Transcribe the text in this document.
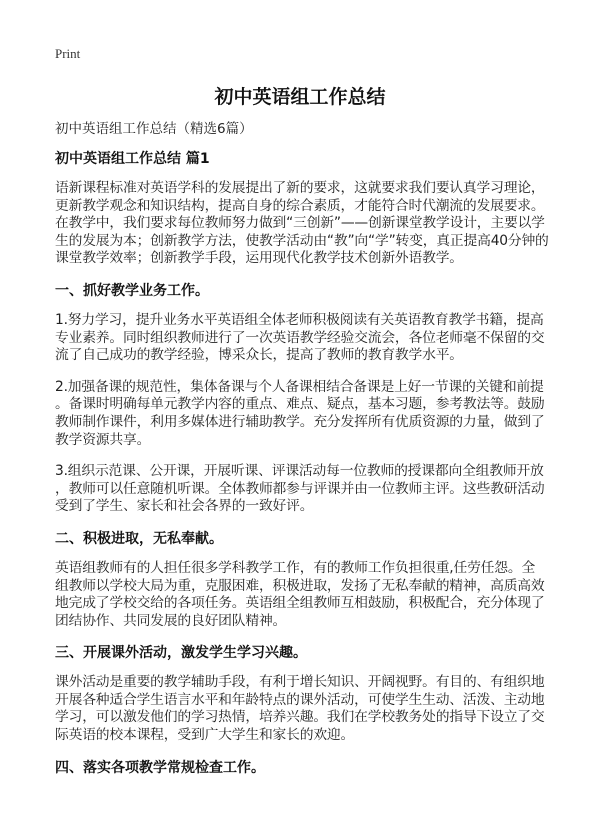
Print
初中英语组工作总结
初中英语组工作总结（精选6篇）
初中英语组工作总结 篇1
语新课程标准对英语学科的发展提出了新的要求，这就要求我们要认真学习理论，
更新教学观念和知识结构，提高自身的综合素质，才能符合时代潮流的发展要求。
在教学中，我们要求每位教师努力做到“三创新”——创新课堂教学设计，主要以学
生的发展为本；创新教学方法，使教学活动由“教”向“学”转变，真正提高40分钟的
课堂教学效率；创新教学手段，运用现代化教学技术创新外语教学。
一、抓好教学业务工作。
1.努力学习，提升业务水平英语组全体老师积极阅读有关英语教育教学书籍，提高
专业素养。同时组织教师进行了一次英语教学经验交流会，各位老师毫不保留的交
流了自己成功的教学经验，博采众长，提高了教师的教育教学水平。
2.加强备课的规范性，集体备课与个人备课相结合备课是上好一节课的关键和前提
。备课时明确每单元教学内容的重点、难点、疑点，基本习题，参考教法等。鼓励
教师制作课件，利用多媒体进行辅助教学。充分发挥所有优质资源的力量，做到了
教学资源共享。
3.组织示范课、公开课，开展听课、评课活动每一位教师的授课都向全组教师开放
，教师可以任意随机听课。全体教师都参与评课并由一位教师主评。这些教研活动
受到了学生、家长和社会各界的一致好评。
二、积极进取，无私奉献。
英语组教师有的人担任很多学科教学工作，有的教师工作负担很重,任劳任怨。全
组教师以学校大局为重，克服困难，积极进取，发扬了无私奉献的精神，高质高效
地完成了学校交给的各项任务。英语组全组教师互相鼓励，积极配合，充分体现了
团结协作、共同发展的良好团队精神。
三、开展课外活动，激发学生学习兴趣。
课外活动是重要的教学辅助手段，有利于增长知识、开阔视野。有目的、有组织地
开展各种适合学生语言水平和年龄特点的课外活动，可使学生生动、活泼、主动地
学习，可以激发他们的学习热情，培养兴趣。我们在学校教务处的指导下设立了交
际英语的校本课程，受到广大学生和家长的欢迎。
四、落实各项教学常规检查工作。
